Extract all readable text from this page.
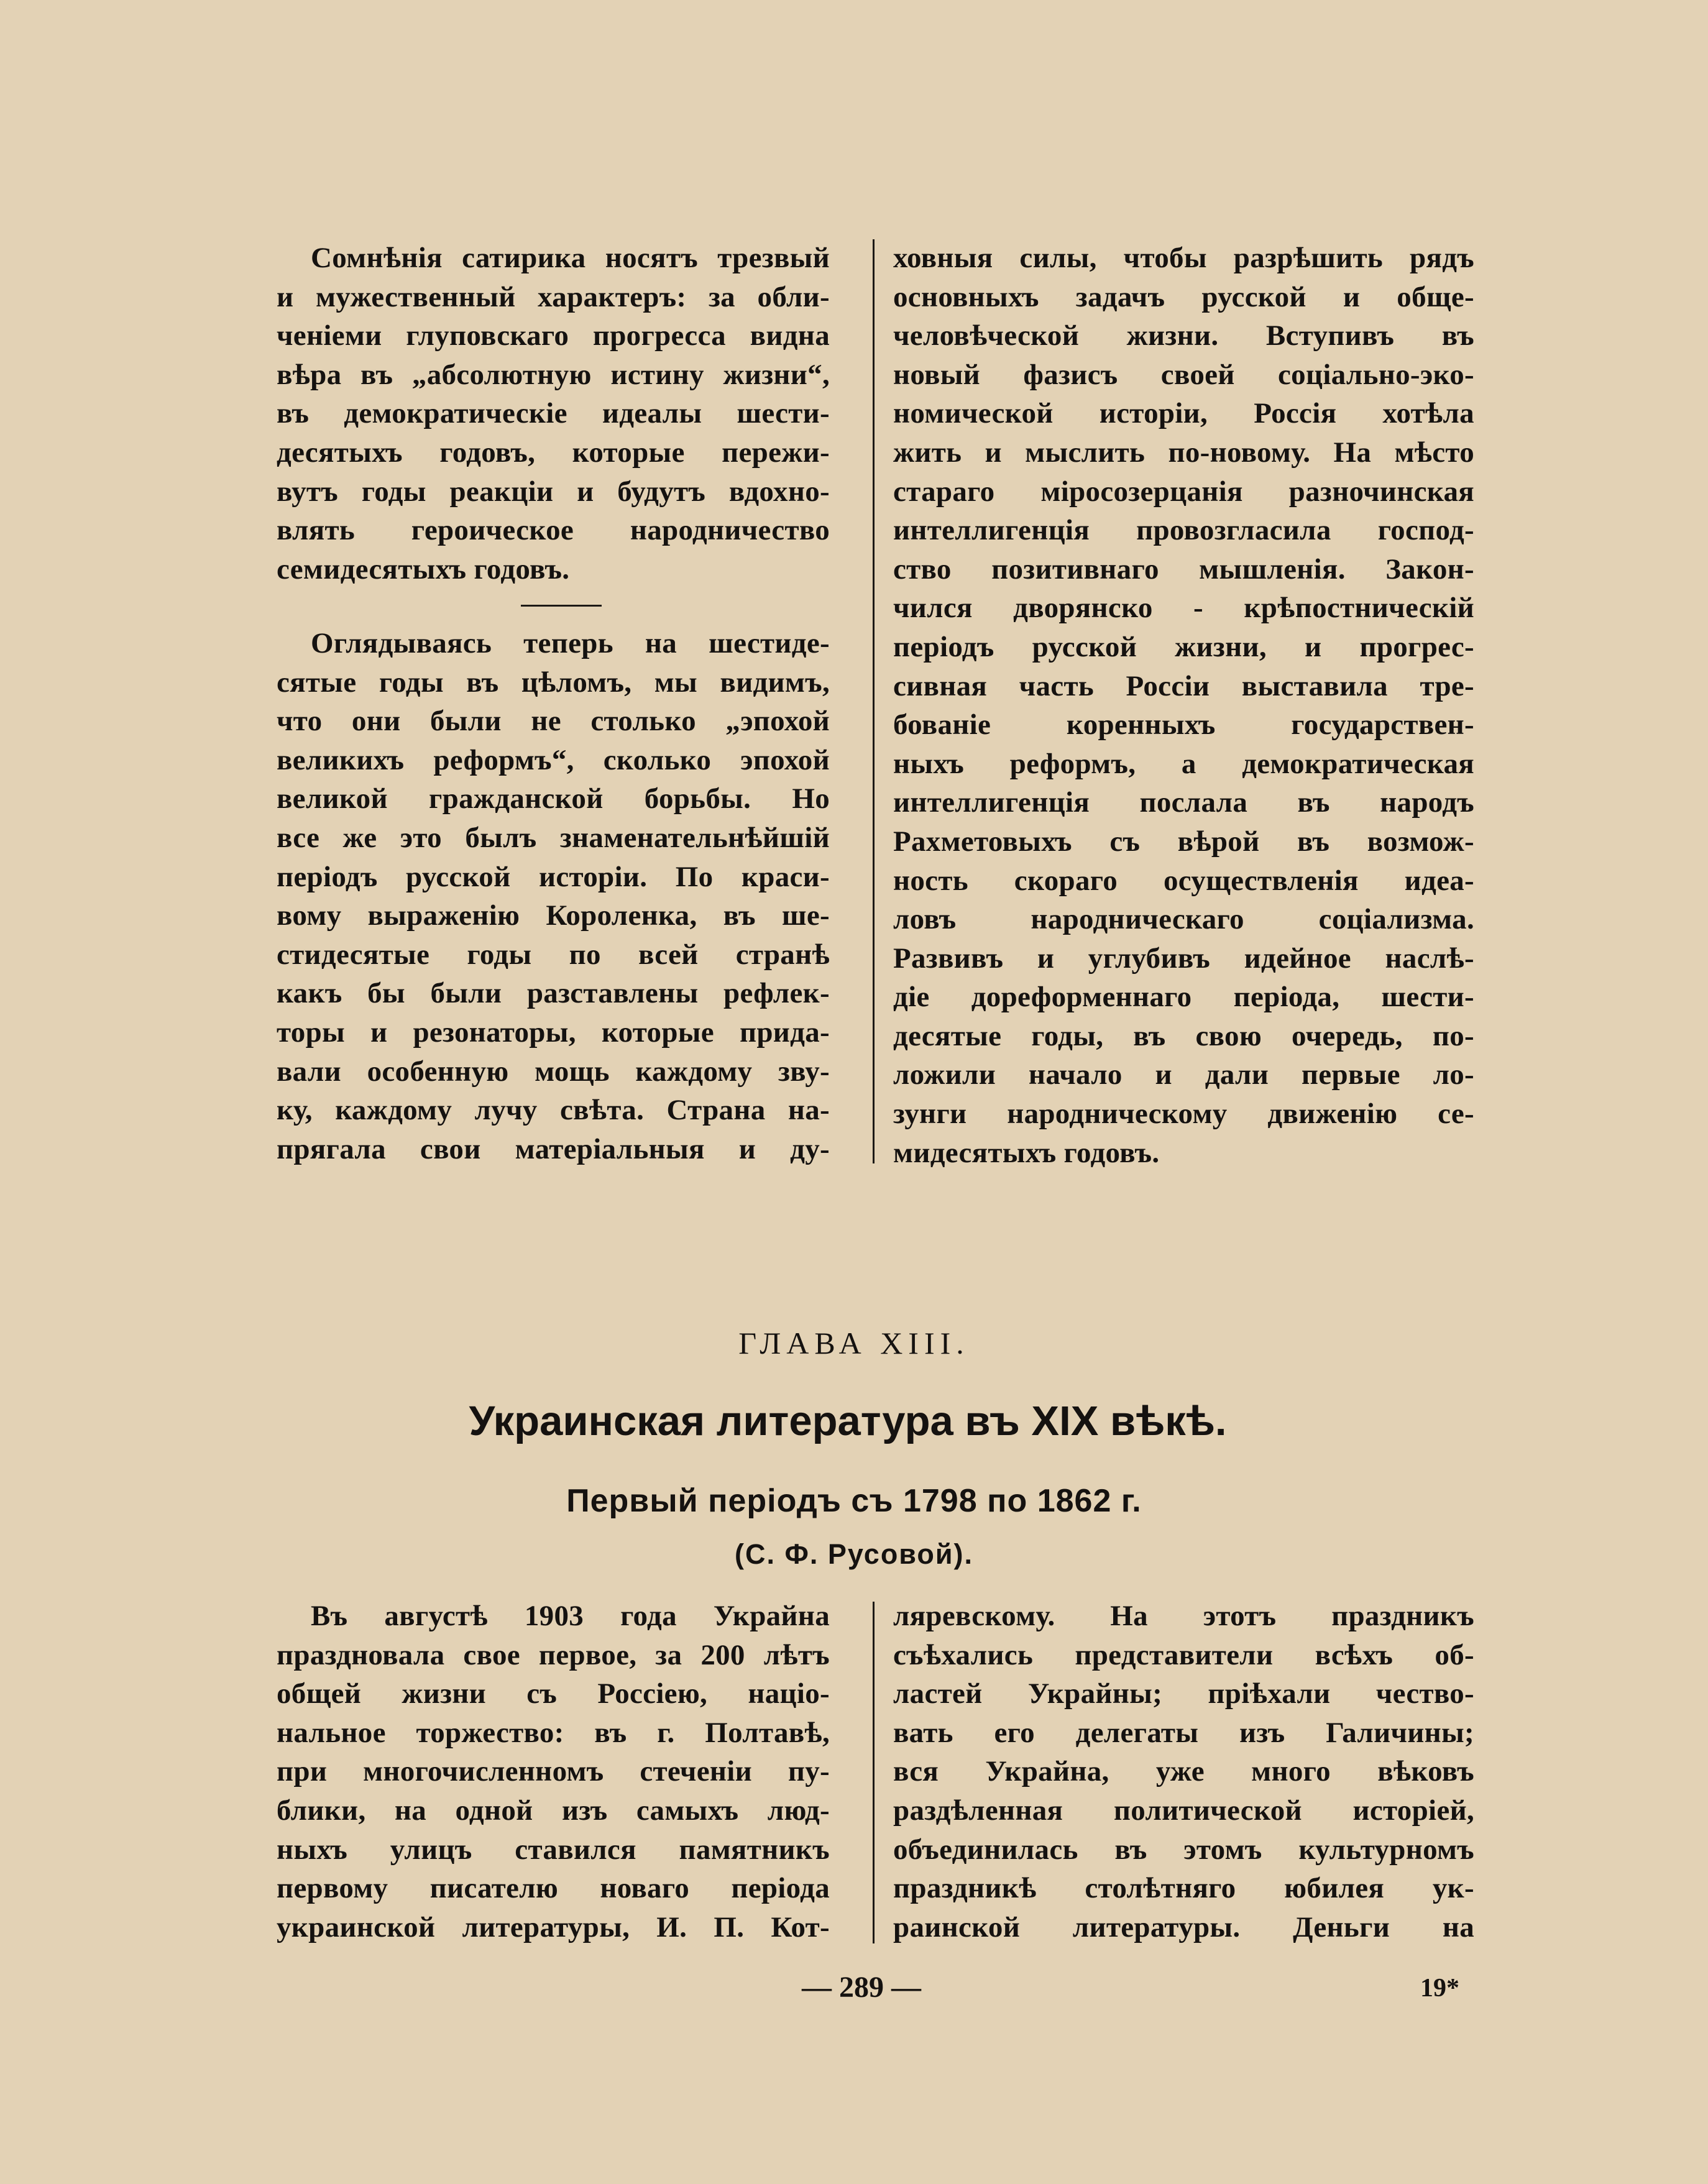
Сомнѣнія сатирика носятъ трезвый
и мужественный характеръ: за обли-
ченіеми глуповскаго прогресса видна
вѣра въ „абсолютную истину жизни“,
въ демократическіе идеалы шести-
десятыхъ годовъ, которые пережи-
вутъ годы реакціи и будутъ вдохно-
влять героическое народничество
семидесятыхъ годовъ.
Оглядываясь теперь на шестиде-
сятые годы въ цѣломъ, мы видимъ,
что они были не столько „эпохой
великихъ реформъ“, сколько эпохой
великой гражданской борьбы. Но
все же это былъ знаменательнѣйшій
періодъ русской исторіи. По краси-
вому выраженію Короленка, въ ше-
стидесятые годы по всей странѣ
какъ бы были разставлены рефлек-
торы и резонаторы, которые прида-
вали особенную мощь каждому зву-
ку, каждому лучу свѣта. Страна на-
прягала свои матеріальныя и ду-
ховныя силы, чтобы разрѣшить рядъ
основныхъ задачъ русской и обще-
человѣческой жизни. Вступивъ въ
новый фазисъ своей соціально-эко-
номической исторіи, Россія хотѣла
жить и мыслить по-новому. На мѣсто
стараго міросозерцанія разночинская
интеллигенція провозгласила господ-
ство позитивнаго мышленія. Закон-
чился дворянско - крѣпостническій
періодъ русской жизни, и прогрес-
сивная часть Россіи выставила тре-
бованіе коренныхъ государствен-
ныхъ реформъ, а демократическая
интеллигенція послала въ народъ
Рахметовыхъ съ вѣрой въ возмож-
ность скораго осуществленія идеа-
ловъ народническаго соціализма.
Развивъ и углубивъ идейное наслѣ-
діе дореформеннаго періода, шести-
десятые годы, въ свою очередь, по-
ложили начало и дали первые ло-
зунги народническому движенію се-
мидесятыхъ годовъ.
ГЛАВА XIII.
Украинская литература въ XIX вѣкѣ.
Первый періодъ съ 1798 по 1862 г.
(С. Ф. Русовой).
Въ августѣ 1903 года Украйна
праздновала свое первое, за 200 лѣтъ
общей жизни съ Россіею, націо-
нальное торжество: въ г. Полтавѣ,
при многочисленномъ стеченіи пу-
блики, на одной изъ самыхъ люд-
ныхъ улицъ ставился памятникъ
первому писателю новаго періода
украинской литературы, И. П. Кот-
ляревскому. На этотъ праздникъ
съѣхались представители всѣхъ об-
ластей Украйны; пріѣхали чество-
вать его делегаты изъ Галичины;
вся Украйна, уже много вѣковъ
раздѣленная политической исторіей,
объединилась въ этомъ культурномъ
праздникѣ столѣтняго юбилея ук-
раинской литературы. Деньги на
— 289 —	19*
